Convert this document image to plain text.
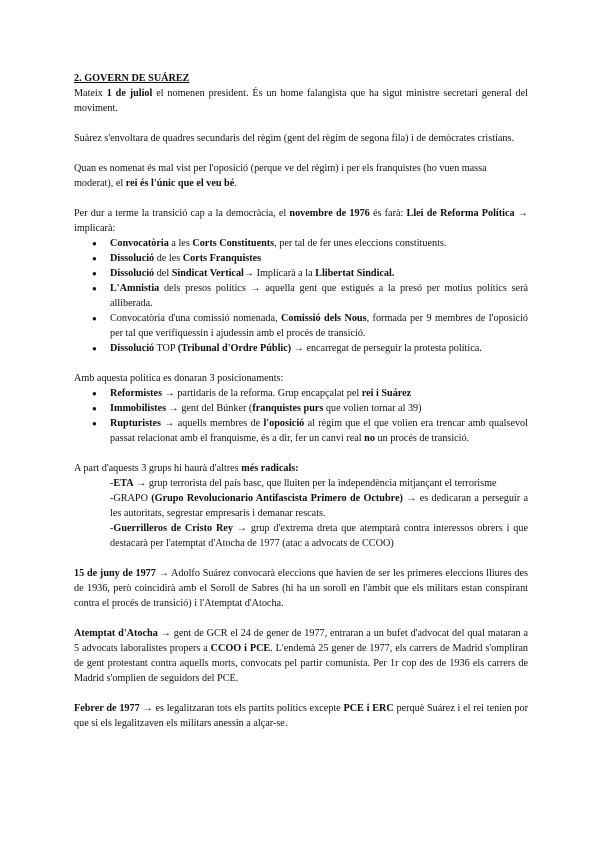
2. GOVERN DE SUÁREZ

Mateix 1 de juliol el nomenen president. És un home falangista que ha sigut ministre secretari general del moviment.

Suárez s'envoltara de quadres secundaris del règim (gent del règim de segona fila) i de demòcrates cristians.

Quan es nomenat és mal vist per l'oposició (perque ve del règim) i per els franquistes (ho vuen massa moderat), el rei és l'únic que el veu bé.

Per dur a terme la transició cap a la democràcia, el novembre de 1976 és farà: Llei de Reforma Política → implicarà:

● Convocatòria a les Corts Constituents, per tal de fer unes eleccions constituents.
● Dissolució de les Corts Franquistes
● Dissolució del Sindicat Vertical→ Implicarà a la Llibertat Sindical.
● L'Amnistia dels presos polítics → aquella gent que estigués a la presó per motius polítics serà alliberada.
● Convocatòria d'una comissió nomenada, Comissió dels Nous, formada per 9 membres de l'oposició per tal que verifiquessin i ajudessin amb el procés de transició.
● Dissolució TOP (Tribunal d'Ordre Públic) → encarregat de perseguir la protesta política.

Amb aquesta política es donaran 3 posicionaments:

● Reformistes → partidaris de la reforma. Grup encapçalat pel rei i Suárez
● Immobilistes → gent del Búnker (franquistes purs que volien tornar al 39)
● Rupturistes → aquells membres de l'oposició al règim que el que volien era trencar amb qualsevol passat relacionat amb el franquisme, és a dir, fer un canvi real no un procés de transició.

A part d'aquests 3 grups hi haurà d'altres més radicals:

-ETA → grup terrorista del país basc, que lluiten per la independència mitjançant el terrorisme

-GRAPO (Grupo Revolucionario Antifascista Primero de Octubre) → es dedicaran a perseguir a les autoritats, segrestar empresaris i demanar rescats.

-Guerrilleros de Cristo Rey → grup d'extrema dreta que atemptarà contra interessos obrers i que destacarà per l'atemptat d'Atocha de 1977 (atac a advocats de CCOO)

15 de juny de 1977 → Adolfo Suárez convocarà eleccions que havien de ser les primeres eleccions lliures des de 1936, però coincidirà amb el Soroll de Sabres (hi ha un soroll en l'àmbit que els militars estan conspirant contra el procés de transició) i l'Atemptat d'Atocha.

Atemptat d'Atocha → gent de GCR el 24 de gener de 1977, entraran a un bufet d'advocat del qual mataran a 5 advocats laboralistes propers a CCOO i PCE. L'endemà 25 gener de 1977, els carrers de Madrid s'ompliran de gent protestant contra aquells morts, convocats pel partir comunista. Per 1r cop des de 1936 els carrers de Madrid s'omplien de seguidors del PCE.

Febrer de 1977 → es legalitzaran tots els partits polítics excepte PCE i ERC perquè Suárez i el rei tenien por que si els legalitzaven els militars anessin a alçar-se.
